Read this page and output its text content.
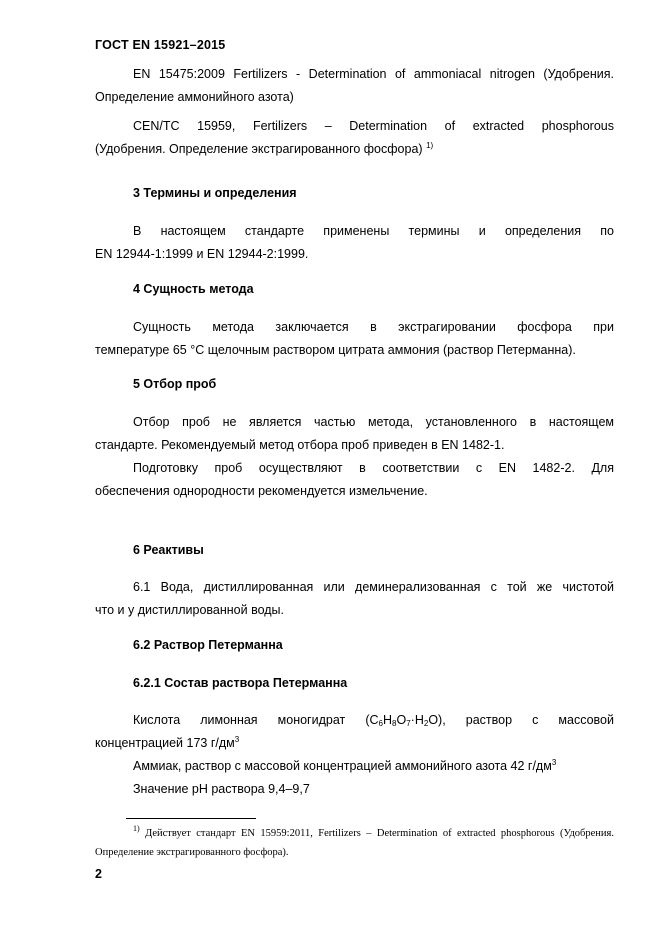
ГОСТ EN 15921–2015
EN 15475:2009 Fertilizers - Determination of ammoniacal nitrogen (Удобрения.
Определение аммонийного азота)
CEN/TC 15959, Fertilizers – Determination of extracted phosphorous
(Удобрения. Определение экстрагированного фосфора) $^{1)}$
3 Термины и определения
В настоящем стандарте применены термины и определения по
EN 12944-1:1999 и EN 12944-2:1999.
4 Сущность метода
Сущность метода заключается в экстрагировании фосфора при
температуре 65 °С щелочным раствором цитрата аммония (раствор Петерманна).
5 Отбор проб
Отбор проб не является частью метода, установленного в настоящем
стандарте. Рекомендуемый метод отбора проб приведен в EN 1482-1.
Подготовку проб осуществляют в соответствии с EN 1482-2. Для
обеспечения однородности рекомендуется измельчение.
6 Реактивы
6.1 Вода, дистиллированная или деминерализованная с той же чистотой
что и у дистиллированной воды.
6.2 Раствор Петерманна
6.2.1 Состав раствора Петерманна
Кислота лимонная моногидрат $(C_6H_8O_7\cdot H_2O)$, раствор с массовой
концентрацией 173 $г/дм^3$
Аммиак, раствор с массовой концентрацией аммонийного азота 42 $г/дм^3$
Значение pH раствора 9,4–9,7
$^{1)}$ Действует стандарт EN 15959:2011, Fertilizers – Determination of extracted phosphorous (Удобрения.
Определение экстрагированного фосфора).
2
